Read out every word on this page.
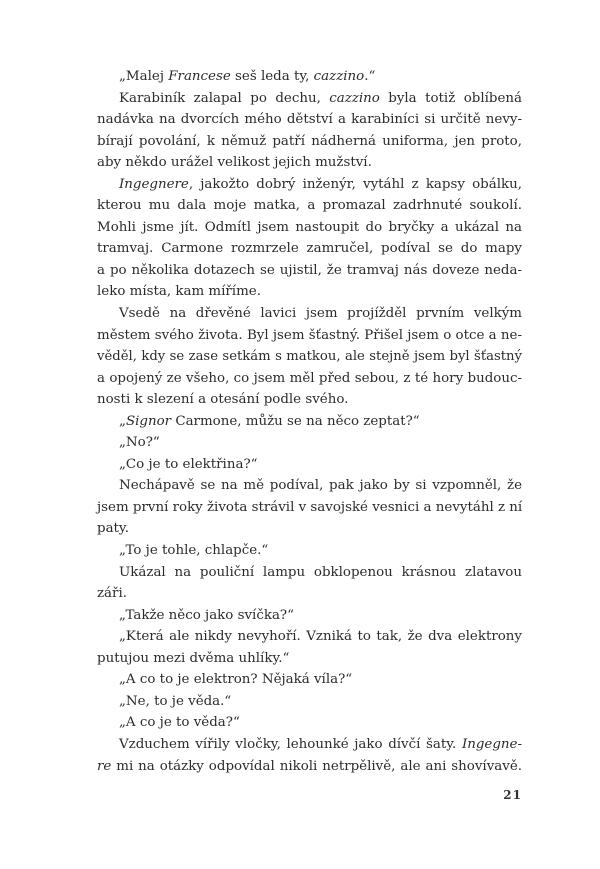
„Malej Francese seš leda ty, cazzino.“
Karabiník zalapal po dechu, cazzino byla totiž oblíbená
nadávka na dvorcích mého dětství a karabiníci si určitě nevy-
bírají povolání, k němuž patří nádherná uniforma, jen proto,
aby někdo urážel velikost jejich mužství.
Ingegnere, jakožto dobrý inženýr, vytáhl z kapsy obálku,
kterou mu dala moje matka, a promazal zadrhnuté soukolí.
Mohli jsme jít. Odmítl jsem nastoupit do bryčky a ukázal na
tramvaj. Carmone rozmrzele zamručel, podíval se do mapy
a po několika dotazech se ujistil, že tramvaj nás doveze neda-
leko místa, kam míříme.
Vsedě na dřevěné lavici jsem projížděl prvním velkým
městem svého života. Byl jsem šťastný. Přišel jsem o otce a ne-
věděl, kdy se zase setkám s matkou, ale stejně jsem byl šťastný
a opojený ze všeho, co jsem měl před sebou, z té hory budouc-
nosti k slezení a otesání podle svého.
„Signor Carmone, můžu se na něco zeptat?“
„No?“
„Co je to elektřina?“
Nechápavě se na mě podíval, pak jako by si vzpomněl, že
jsem první roky života strávil v savojské vesnici a nevytáhl z ní
paty.
„To je tohle, chlapče.“
Ukázal na pouliční lampu obklopenou krásnou zlatavou
záři.
„Takže něco jako svíčka?“
„Která ale nikdy nevyhoří. Vzniká to tak, že dva elektrony
putujou mezi dvěma uhlíky.“
„A co to je elektron? Nějaká víla?“
„Ne, to je věda.“
„A co je to věda?“
Vzduchem vířily vločky, lehounké jako dívčí šaty. Ingegne-
re mi na otázky odpovídal nikoli netrpělivě, ale ani shovívavě.
21
